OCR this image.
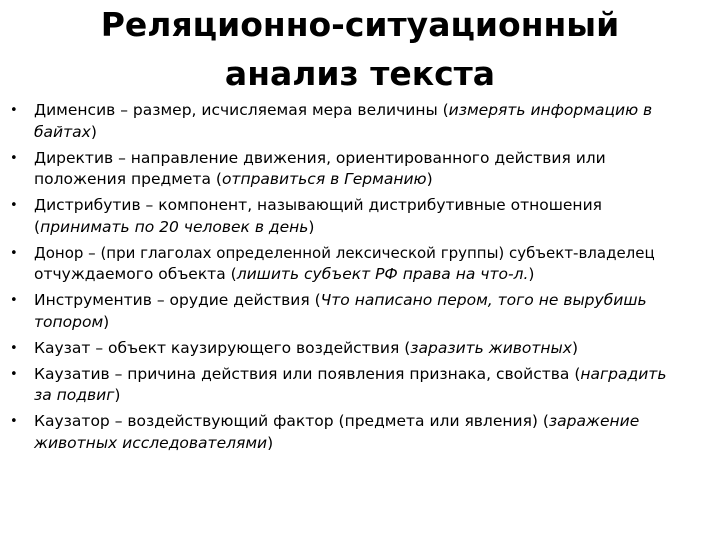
Реляционно-ситуационный
анализ текста
• Дименсив – размер, исчисляемая мера величины (измерять информацию в
байтах)
• Директив – направление движения, ориентированного действия или
положения предмета (отправиться в Германию)
• Дистрибутив – компонент, называющий дистрибутивные отношения
(принимать по 20 человек в день)
• Донор – (при глаголах определенной лексической группы) субъект-владелец
отчуждаемого объекта (лишить субъект РФ права на что-л.)
• Инструментив – орудие действия (Что написано пером, того не вырубишь
топором)
• Каузат – объект каузирующего воздействия (заразить животных)
• Каузатив – причина действия или появления признака, свойства (наградить
за подвиг)
• Каузатор – воздействующий фактор (предмета или явления) (заражение
животных исследователями)
